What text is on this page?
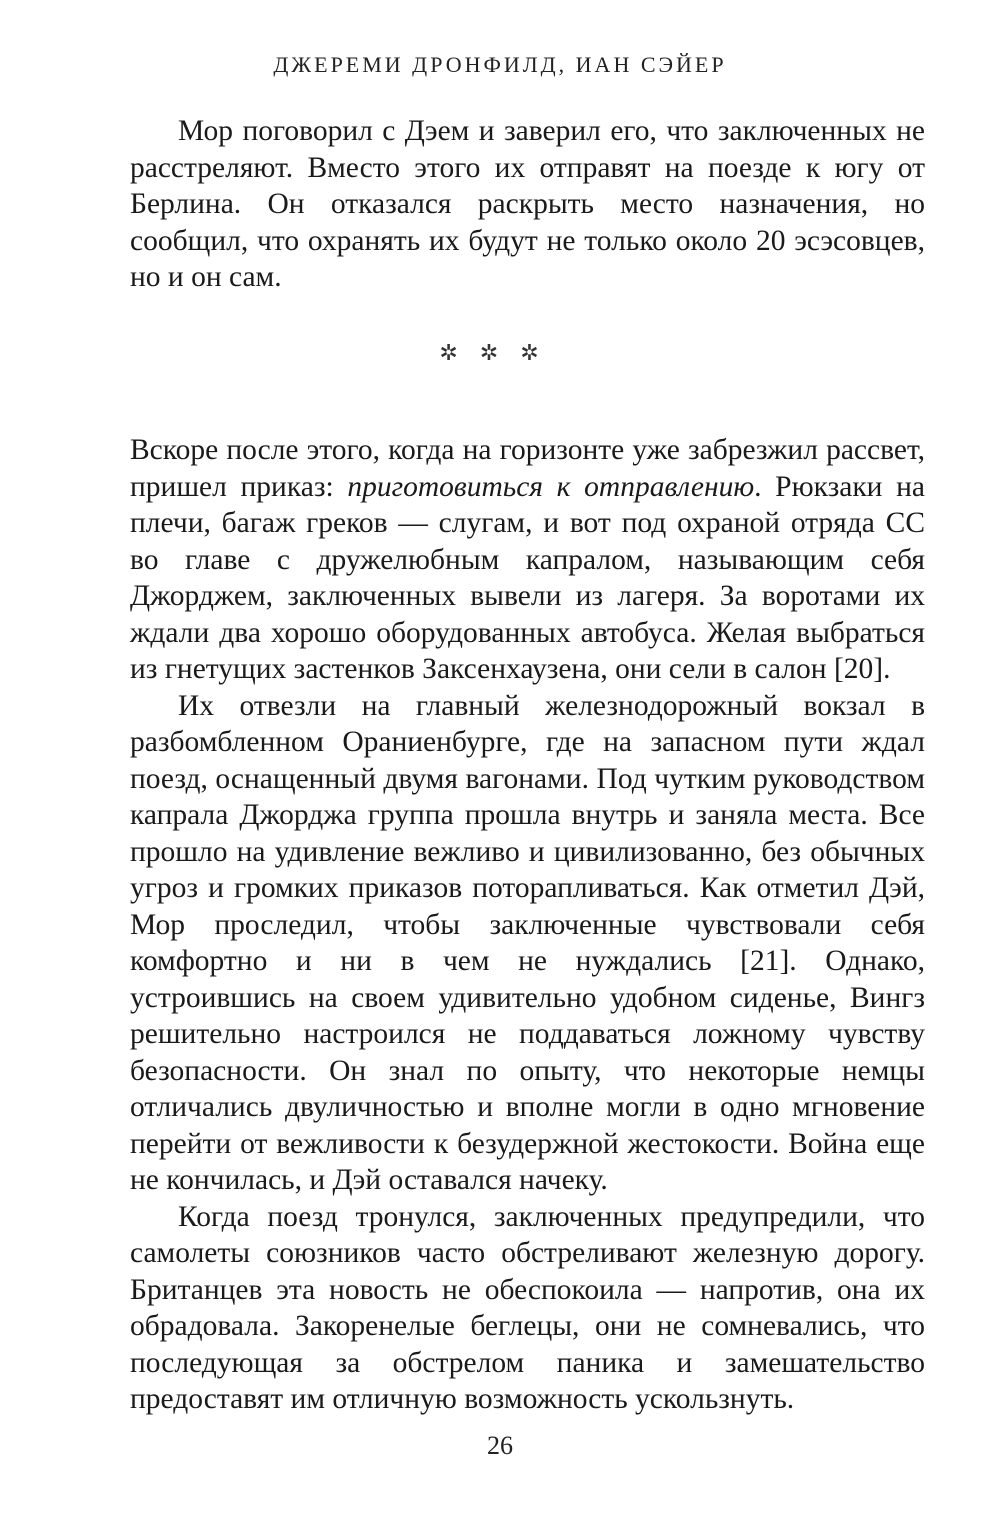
ДЖЕРЕМИ ДРОНФИЛД, ИАН СЭЙЕР

Мор поговорил с Дэем и заверил его, что заключенных не расстреляют. Вместо этого их отправят на поезде к югу от Берлина. Он отказался раскрыть место назначения, но сообщил, что охранять их будут не только около 20 эсэсовцев, но и он сам.

✲✲✲

Вскоре после этого, когда на горизонте уже забрезжил рассвет, пришел приказ: приготовиться к отправлению. Рюкзаки на плечи, багаж греков — слугам, и вот под охраной отряда СС во главе с дружелюбным капралом, называющим себя Джорджем, заключенных вывели из лагеря. За воротами их ждали два хорошо оборудованных автобуса. Желая выбраться из гнетущих застенков Заксенхаузена, они сели в салон [20].

Их отвезли на главный железнодорожный вокзал в разбомбленном Ораниенбурге, где на запасном пути ждал поезд, оснащенный двумя вагонами. Под чутким руководством капрала Джорджа группа прошла внутрь и заняла места. Все прошло на удивление вежливо и цивилизованно, без обычных угроз и громких приказов поторапливаться. Как отметил Дэй, Мор проследил, чтобы заключенные чувствовали себя комфортно и ни в чем не нуждались [21]. Однако, устроившись на своем удивительно удобном сиденье, Вингз решительно настроился не поддаваться ложному чувству безопасности. Он знал по опыту, что некоторые немцы отличались двуличностью и вполне могли в одно мгновение перейти от вежливости к безудержной жестокости. Война еще не кончилась, и Дэй оставался начеку.

Когда поезд тронулся, заключенных предупредили, что самолеты союзников часто обстреливают железную дорогу. Британцев эта новость не обеспокоила — напротив, она их обрадовала. Закоренелые беглецы, они не сомневались, что последующая за обстрелом паника и замешательство предоставят им отличную возможность ускользнуть.

26
